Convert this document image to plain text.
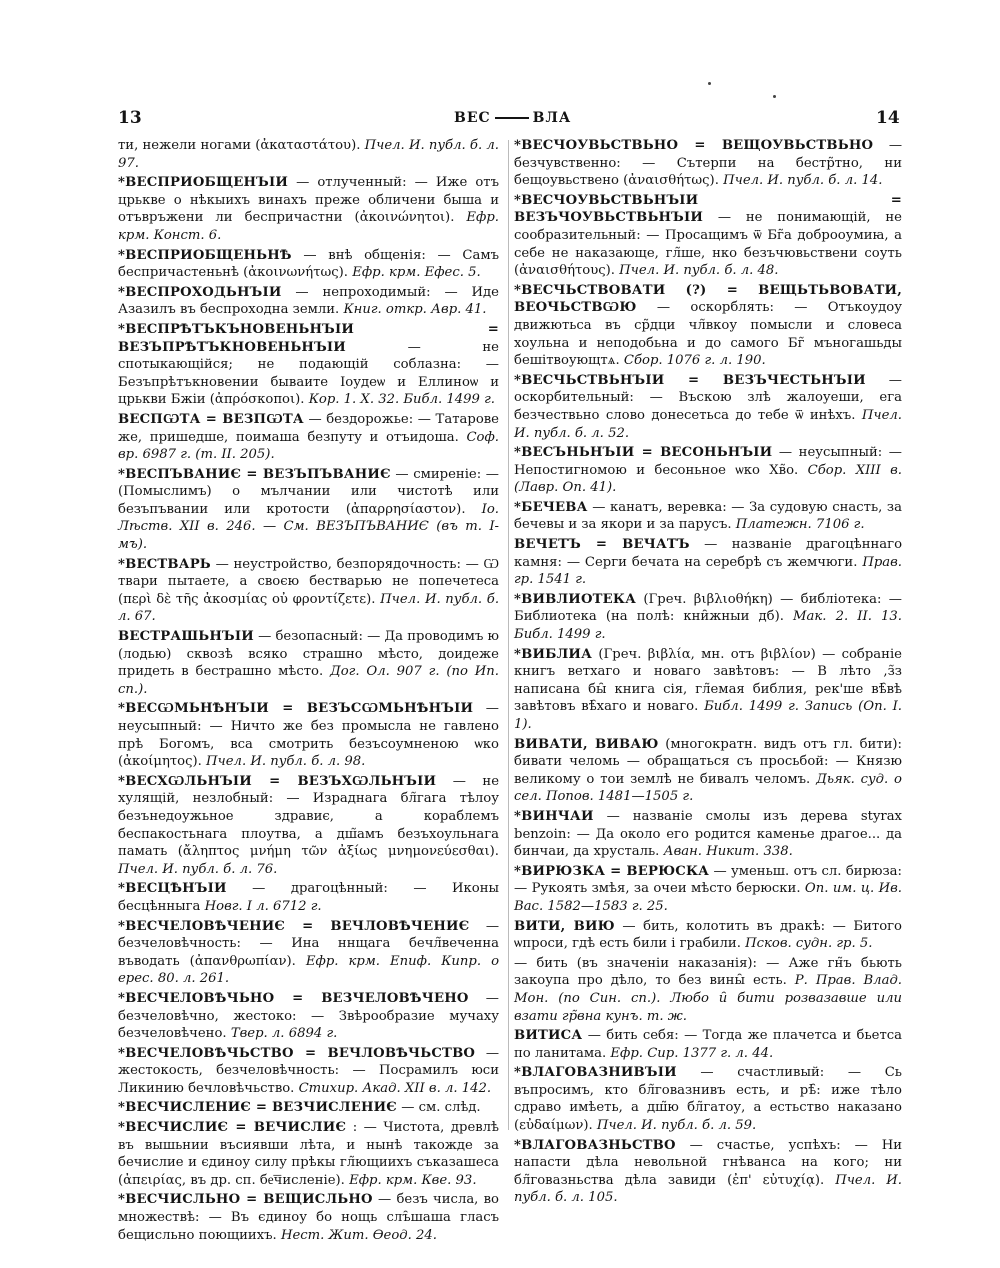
13	ВЕС	ВЛА	14
ти, нежели ногами (ἀκαταστάτου). Пчел. И. публ. б. л. 97.
*ВЕСПРИОБЩЕНЪІИ — отлученный: — Иже отъ црькве о нѣкыихъ винахъ преже обличени быша и отъвръжени ли беспричастни (ἀκοινώνητοι). Ефр. крм. Конст. 6.
*ВЕСПРИОБЩЕНЬНѢ — внѣ общенія: — Самъ беспричастеньнѣ (ἀκοινωνήτως). Ефр. крм. Ефес. 5.
*ВЕСПРОХОДЬНЪІИ — непроходимый: — Иде Азазилъ въ беспроходна земли. Книг. откр. Авр. 41.
*ВЕСПРѢТЪКЪНОВЕНЬНЪІИ = ВЕЗЪПРѢТЪКНОВЕНЬНЪІИ	— не спотыкающійся; не подающій соблазна: — Безъпрѣтъкновении бываите Іоудеѡ и Еллиноѡ и црькви Бжіи (ἀπρόσκοποι). Кор. 1. X. 32. Библ. 1499 г.
ВЕСПѠТА = ВЕЗПѠТА — бездорожье: — Татарове же, пришедше, поимаша безпуту и отъидоша. Соф. вр. 6987 г. (т. II. 205).
*ВЕСПЪВАНИЄ = ВЕЗЪПЪВАНИЄ — смиреніе: — (Помыслимъ) о мълчании или чистотѣ или безъпъвании или кротости (ἀπαρρησίαστον). Іо. Лѣств. XII в. 246. — См. ВЕЗЪПЪВАНИЄ (въ т. І-мъ).
*ВЕСТВАРЬ — неустройство, безпорядочность: — Ѡ твари пытаете, а своєю бестварью не попечетеса (περὶ δὲ τῆς ἀκοσμίας οὐ φροντίζετε). Пчел. И. публ. б. л. 67.
ВЕСТРАШЬНЪІИ — безопасный: — Да проводимъ ю (лодью) сквозѣ всяко страшно мѣсто, доидеже придеть в бестрашно мѣсто. Дог. Ол. 907 г. (по Ип. сп.).
*ВЕСѠМЬНѢНЪІИ = ВЕЗЪСѠМЬНѢНЪІИ — неусыпный: — Ничто же без промысла не гавлено прѣ Богомъ, вса смотрить безъсоумненою ѡко (ἀκοίμητος). Пчел. И. публ. б. л. 98.
*ВЕСХѠЛЬНЪІИ = ВЕЗЪХѠЛЬНЪІИ — не хулящій, незлобный: — Израднага бл̃гага тѣлоу безънедоужьное здравиє, а кораблемъ беспакостьнага плоутва, а дш̃амъ безъхоульнага памать (ἄληπτος μνήμη τῶν ἀξίως μνημονεύεσθαι). Пчел. И. публ. б. л. 76.
*ВЕСЦѢНЪІИ — драгоцѣнный: — Иконы бесцѣнныга Новг. I л. 6712 г.
*ВЕСЧЕЛОВѢЧЕНИЄ = ВЕЧЛОВѢЧЕНИЄ — безчеловѣчность: — Ина ннщага бечл̃веченна въводать (ἀπανθρωπίαν). Ефр. крм. Епиф. Кипр. о ерес. 80. л. 261.
*ВЕСЧЕЛОВѢЧЬНО = ВЕЗЧЕЛОВѢЧЕНО — безчеловѣчно, жестоко: — Звѣрообразие мучаху безчеловѣчено. Твер. л. 6894 г.
*ВЕСЧЕЛОВѢЧЬСТВО = ВЕЧЛОВѢЧЬСТВО — жестокость, безчеловѣчность: — Посрамилъ юси Ликинию бечловѣчьство. Стихир. Акад. XII в. л. 142.
*ВЕСЧИСЛЕНИЄ = ВЕЗЧИСЛЕНИЄ — см. слѣд.
*ВЕСЧИСЛИЄ = ВЕЧИСЛИЄ : — Чистота, древлѣ въ вышьнии въсиявши лѣта, и нынѣ такожде за бечислие и єдиноу силу прѣкы гл̃ющиихъ съказашеса (ἀπειρίας, въ др. сп. бе͞численіе). Ефр. крм. Кве. 93.
*ВЕСЧИСЛЬНО = ВЕЩИСЛЬНО — безъ числа, во множествѣ: — Въ єдиноу бо нощь слъ̑шаша гласъ бещисльно поющиихъ. Нест. Жит. Ѳеод. 24.
*ВЕСЧОУВЬСТВЬНО = ВЕЩОУВЬСТВЬНО — безчувственно: — Сътерпи на бестр̃тно, ни бещоувьствено (ἀναισθήτως). Пчел. И. публ. б. л. 14.
*ВЕСЧОУВЬСТВЬНЪІИ = ВЕЗЪЧОУВЬСТВЬНЪІИ — не понимающій, не сообразительный: — Просащимъ ѿ Бг̃а доброоумиꙗ, а себе не наказающе, гл̃ше, нко безъчювьствени соуть (ἀναισθήτους). Пчел. И. публ. б. л. 48.
*ВЕСЧЬСТВОВАТИ (?) = ВЕЩЬТЬВОВАТИ, ВЕОЧЬСТВѠЮ — оскорблять: — Отъкоудоу движютьса въ ср̃дци чл̃вкоу помысли и словеса хоульна и неподобьна и до самого Бг̃ мъногашьды бешітвоующтѧ. Сбор. 1076 г. л. 190.
*ВЕСЧЬСТВЬНЪІИ = ВЕЗЪЧЕСТЬНЪІИ — оскорбительный: — Въскою злѣ жалоуеши, ега безчествьно слово донесетьса до тебе ѿ инѣхъ. Пчел. И. публ. б. л. 52.
*ВЕСЪНЬНЪІИ = ВЕСОНЬНЪІИ — неусыпный: — Непостигномою и бесоньное ѡко Хв̃о. Сбор. XIII в. (Лавр. Оп. 41).
*БЕЧЕВА — канатъ, веревка: — За судовую снасть, за бечевы и за якори и за парусъ. Платежн. 7106 г.
ВЕЧЕТЪ = ВЕЧАТЪ — названіе драгоцѣннаго камня: — Серги бечата на серебрѣ съ жемчюги. Прав. гр. 1541 г.
*ВИВЛИОТЕКА (Греч. βιβλιοθήκη) — библіотека: — Библиотека (на полѣ: кни̑жныи дб). Мак. 2. II. 13. Библ. 1499 г.
*ВИБЛИА (Греч. βιβλία, мн. отъ βιβλίον) — собраніе книгъ ветхаго и новаго завѣтовъ: — В лѣто ,з̃з написана бы̑ книга сія, гл̃емая библия, рек'ше вѣ̑вѣ завѣтовъ вѣ̑хаго и новаго. Библ. 1499 г. Запись (Оп. I. 1).
ВИВАТИ, ВИВАЮ (многократн. видъ отъ гл. бити): бивати челомь — обращаться съ просьбой: — Князю великому о тои землѣ не бивалъ челомъ. Дьяк. суд. о сел. Попов. 1481—1505 г.
*ВИНЧАИ — названіе смолы изъ дерева styrax benzoin: — Да около его родится каменье драгое... да бинчаи, да хрусталь. Аван. Никит. 338.
*ВИРЮЗКА = ВЕРЮСКА — уменьш. отъ сл. бирюза: — Рукоять змѣя, за очеи мѣсто берюски. Оп. им. ц. Ив. Вас. 1582—1583 г. 25.
ВИТИ, ВИЮ — бить, колотить въ дракѣ: — Битого ѡпроси, гдѣ есть били і грабили. Псков. судн. гр. 5.
— бить (въ значеніи наказанія): — Аже гн̃ъ бьють закоупа про дѣло, то без вины̑ есть. Р. Прав. Влад. Мон. (по Син. сп.). Любо и̑ бити розвазавше или взати гр̃вна кунъ. т. ж.
ВИТИСА — бить себя: — Тогда же плачетса и бьетса по ланитама. Ефр. Сир. 1377 г. л. 44.
*ВЛАГОВАЗНИВЪІИ — счастливый: — Сь въпросимъ, кто бл̃говазнивъ есть, и рѣ̑: иже тѣло сдраво имѣеть, а дш̃ю бл̃гатоу, а естьство наказано (εὐδαίμων). Пчел. И. публ. б. л. 59.
*ВЛАГОВАЗНЬСТВО — счастье, успѣхъ: — Ни напасти дѣла невольной гнѣванса на кого; ни бл̃говазньства дѣла завиди (ἐπ' εὐτυχίᾳ). Пчел. И. публ. б. л. 105.
